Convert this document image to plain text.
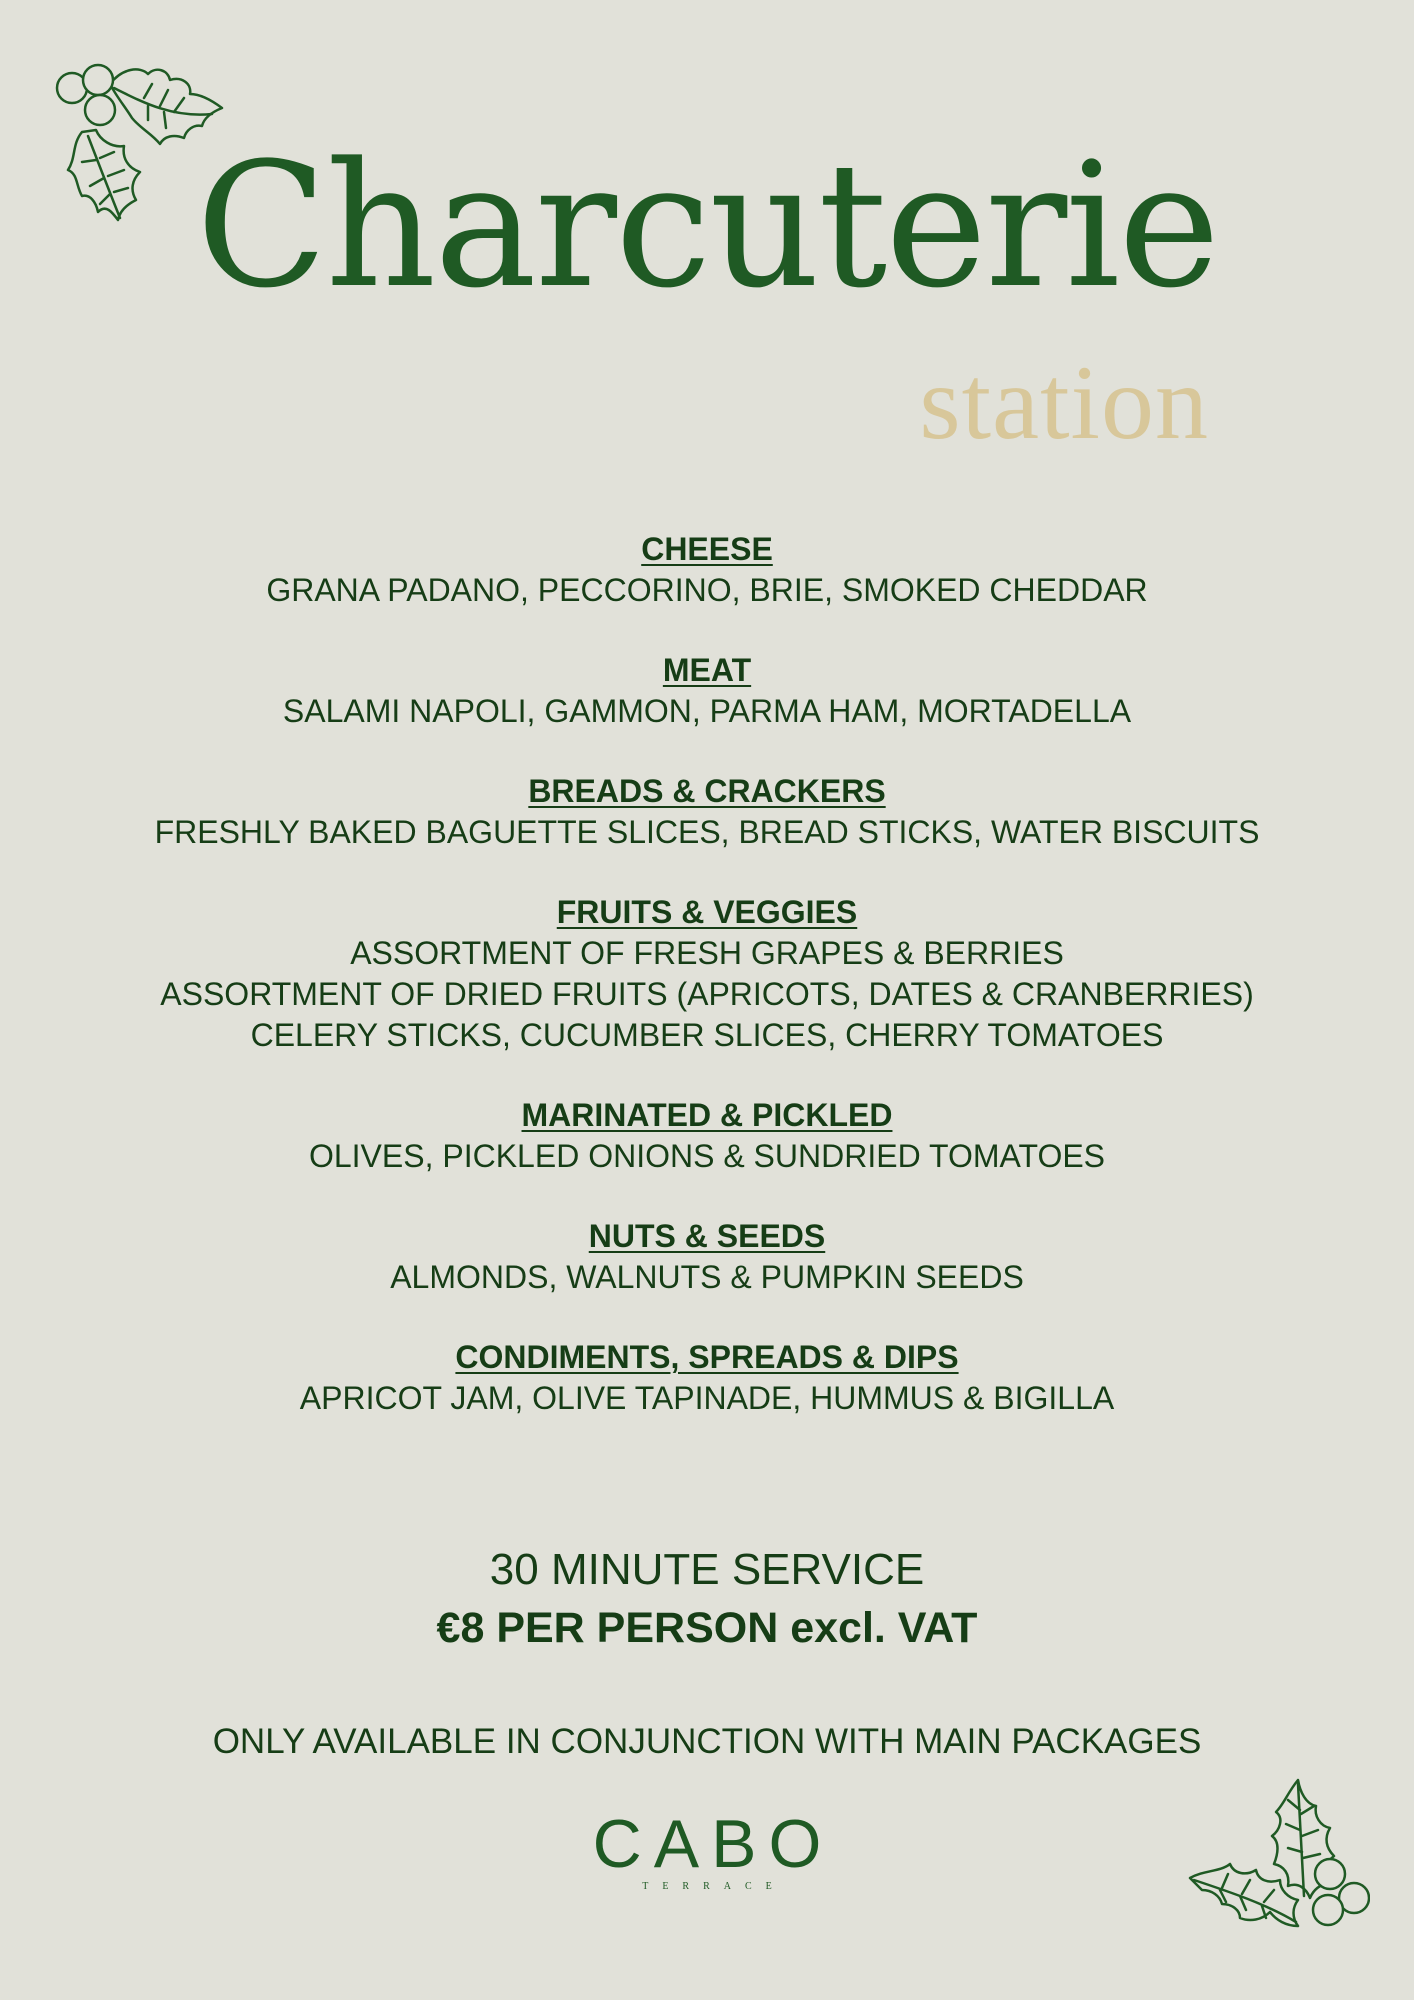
Charcuterie
station
CHEESE
GRANA PADANO, PECCORINO, BRIE, SMOKED CHEDDAR
MEAT
SALAMI NAPOLI, GAMMON, PARMA HAM, MORTADELLA
BREADS & CRACKERS
FRESHLY BAKED BAGUETTE SLICES, BREAD STICKS, WATER BISCUITS
FRUITS & VEGGIES
ASSORTMENT OF FRESH GRAPES & BERRIES
ASSORTMENT OF DRIED FRUITS (APRICOTS, DATES & CRANBERRIES)
CELERY STICKS, CUCUMBER SLICES, CHERRY TOMATOES
MARINATED & PICKLED
OLIVES, PICKLED ONIONS & SUNDRIED TOMATOES
NUTS & SEEDS
ALMONDS, WALNUTS & PUMPKIN SEEDS
CONDIMENTS, SPREADS & DIPS
APRICOT JAM, OLIVE TAPINADE, HUMMUS & BIGILLA
30 MINUTE SERVICE
€8 PER PERSON excl. VAT
ONLY AVAILABLE IN CONJUNCTION WITH MAIN PACKAGES
CABO
TERRACE
